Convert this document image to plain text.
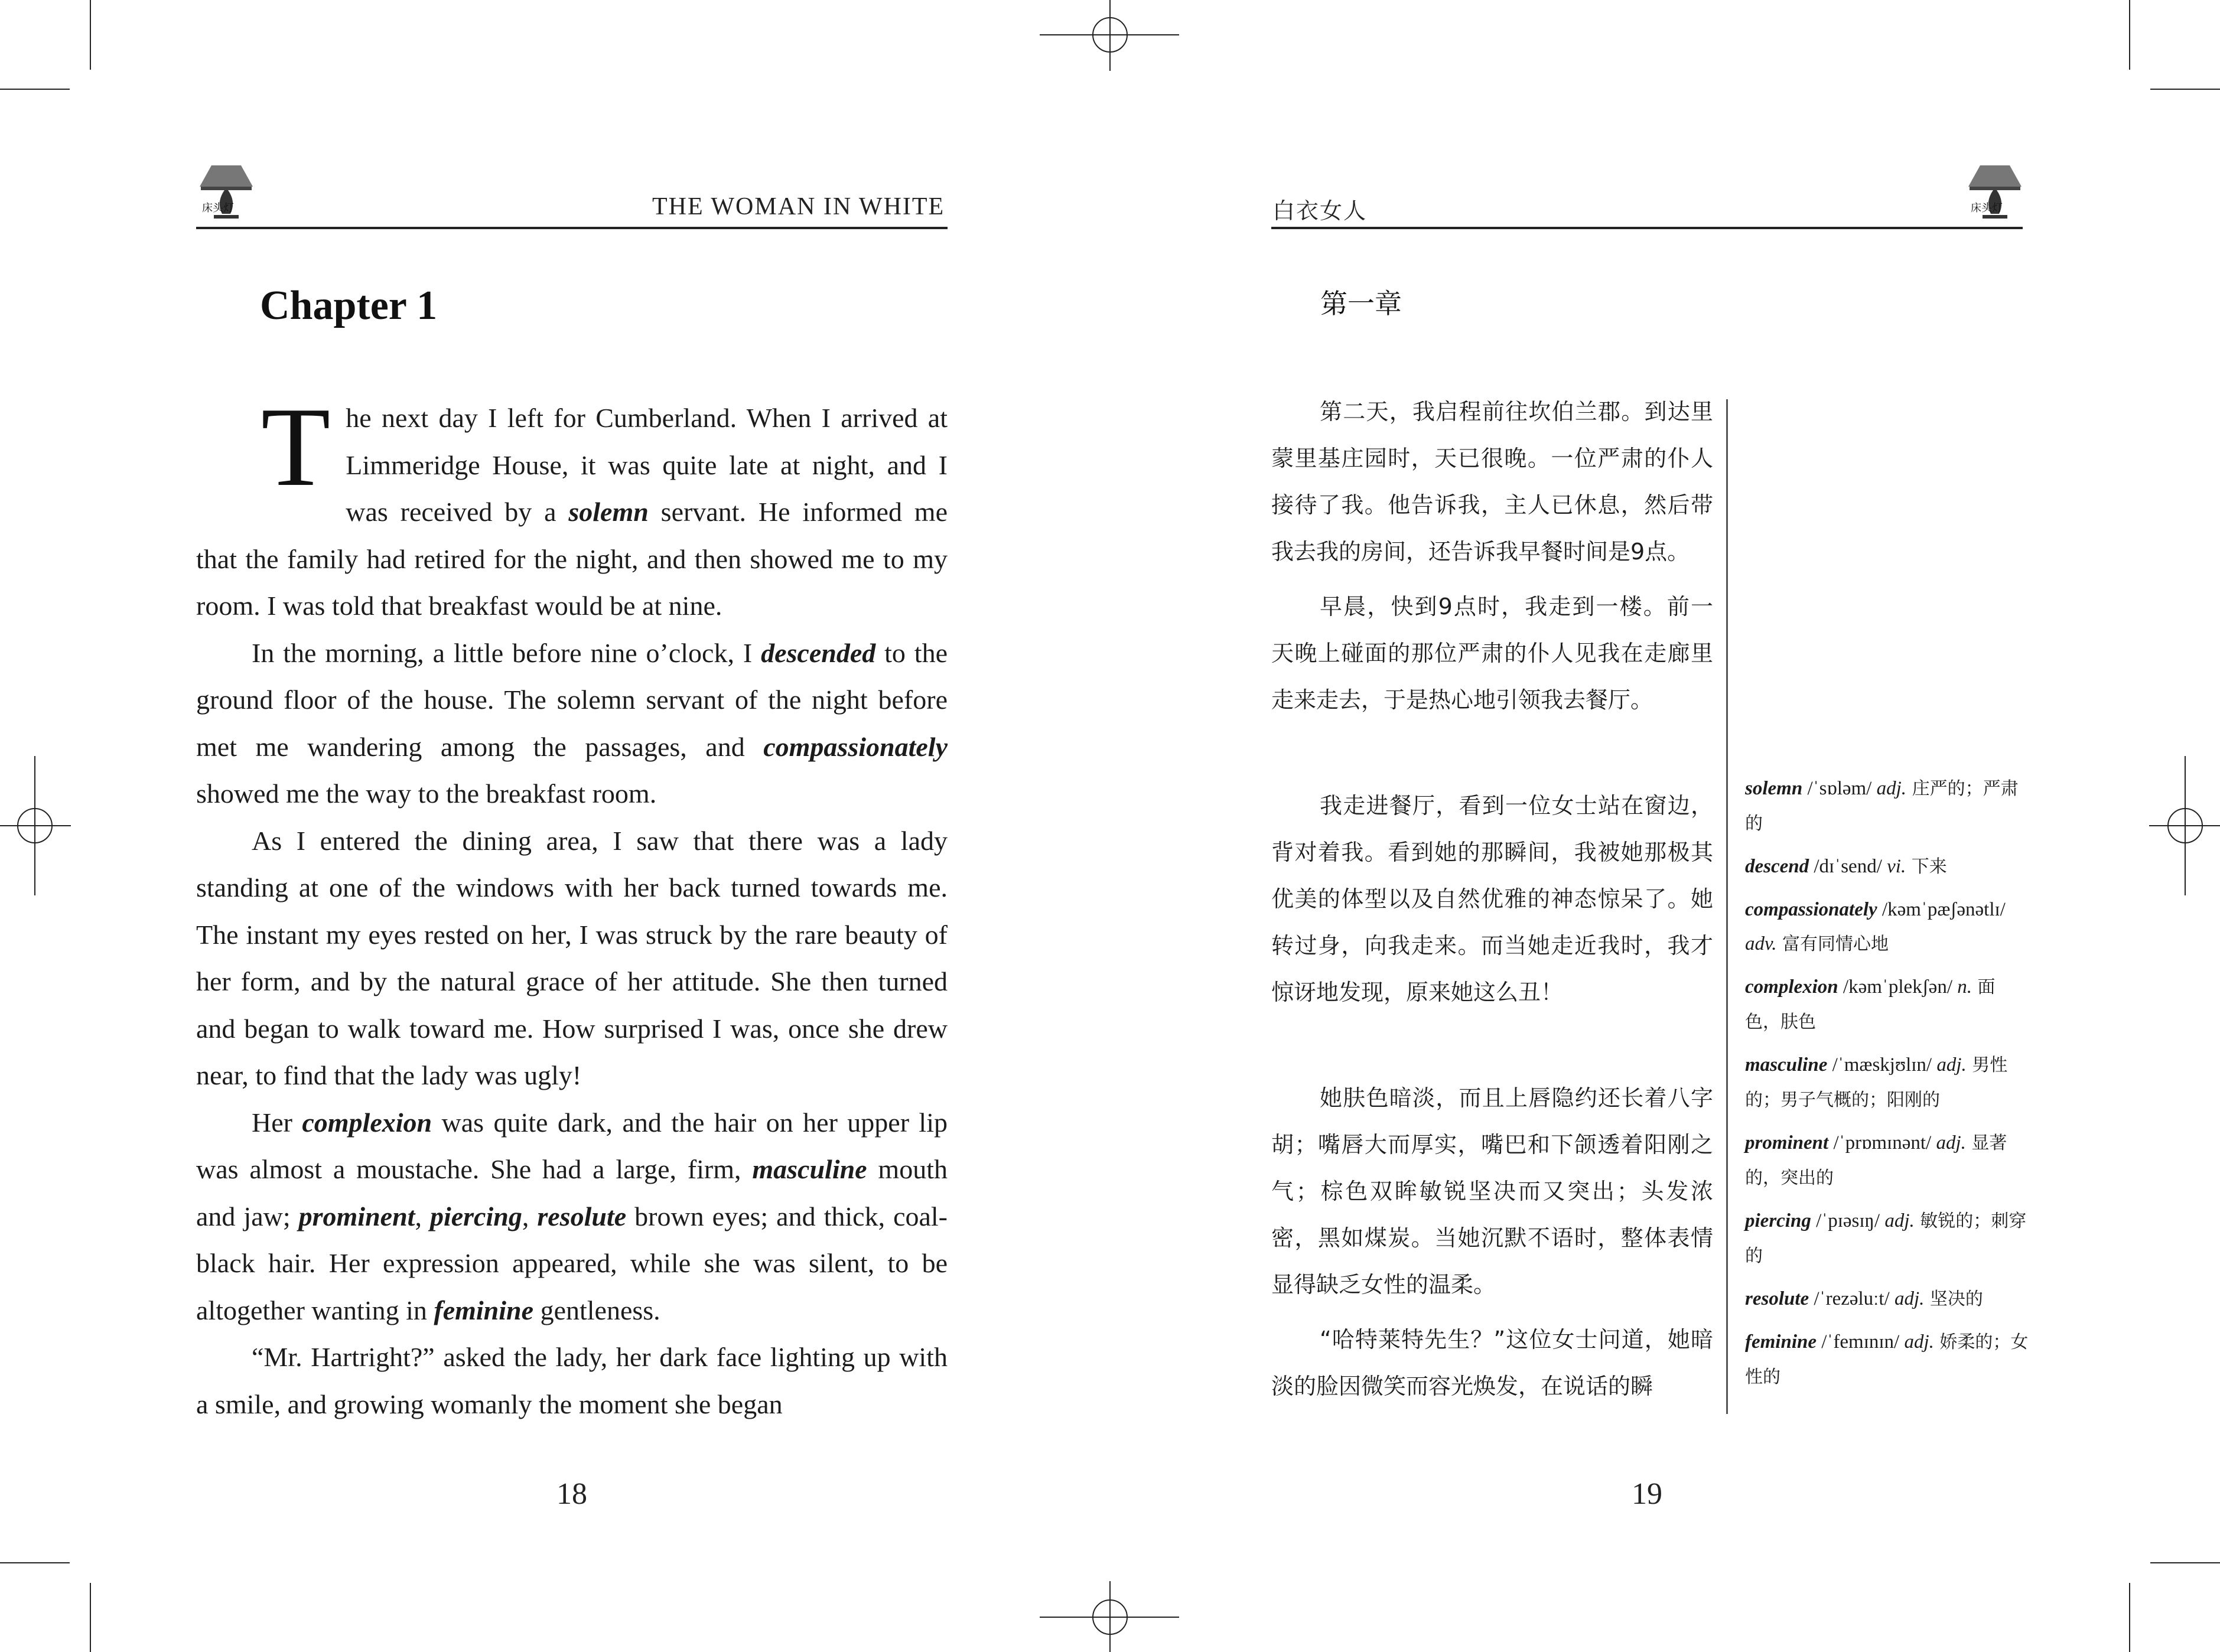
床头灯	THE WOMAN IN WHITE
Chapter 1

The next day I left for Cumberland. When I arrived at Limmeridge House, it was quite late at night, and I was received by a solemn servant. He informed me that the family had retired for the night, and then showed me to my room. I was told that breakfast would be at nine.

In the morning, a little before nine o’clock, I descended to the ground floor of the house. The solemn servant of the night before met me wandering among the passages, and compassionately showed me the way to the breakfast room.

As I entered the dining area, I saw that there was a lady standing at one of the windows with her back turned towards me. The instant my eyes rested on her, I was struck by the rare beauty of her form, and by the natural grace of her attitude. She then turned and began to walk toward me. How surprised I was, once she drew near, to find that the lady was ugly!

Her complexion was quite dark, and the hair on her upper lip was almost a moustache. She had a large, firm, masculine mouth and jaw; prominent, piercing, resolute brown eyes; and thick, coal-black hair. Her expression appeared, while she was silent, to be altogether wanting in feminine gentleness.

“Mr. Hartright?” asked the lady, her dark face lighting up with a smile, and growing womanly the moment she began

18
白衣女人	床头灯
第一章

第二天，我启程前往坎伯兰郡。到达里蒙里基庄园时，天已很晚。一位严肃的仆人接待了我。他告诉我，主人已休息，然后带我去我的房间，还告诉我早餐时间是9点。

早晨，快到9点时，我走到一楼。前一天晚上碰面的那位严肃的仆人见我在走廊里走来走去，于是热心地引领我去餐厅。

我走进餐厅，看到一位女士站在窗边，背对着我。看到她的那瞬间，我被她那极其优美的体型以及自然优雅的神态惊呆了。她转过身，向我走来。而当她走近我时，我才惊讶地发现，原来她这么丑！

她肤色暗淡，而且上唇隐约还长着八字胡；嘴唇大而厚实，嘴巴和下颌透着阳刚之气；棕色双眸敏锐坚决而又突出；头发浓密，黑如煤炭。当她沉默不语时，整体表情显得缺乏女性的温柔。

“哈特莱特先生？”这位女士问道，她暗淡的脸因微笑而容光焕发，在说话的瞬

solemn /ˈsɒləm/ adj. 庄严的；严肃的
descend /dɪˈsend/ vi. 下来
compassionately /kəmˈpæʃənətlɪ/ adv. 富有同情心地
complexion /kəmˈplekʃən/ n. 面色，肤色
masculine /ˈmæskjʊlɪn/ adj. 男性的；男子气概的；阳刚的
prominent /ˈprɒmɪnənt/ adj. 显著的，突出的
piercing /ˈpɪəsɪŋ/ adj. 敏锐的；刺穿的
resolute /ˈrezəluːt/ adj. 坚决的
feminine /ˈfemɪnɪn/ adj. 娇柔的；女性的
19
